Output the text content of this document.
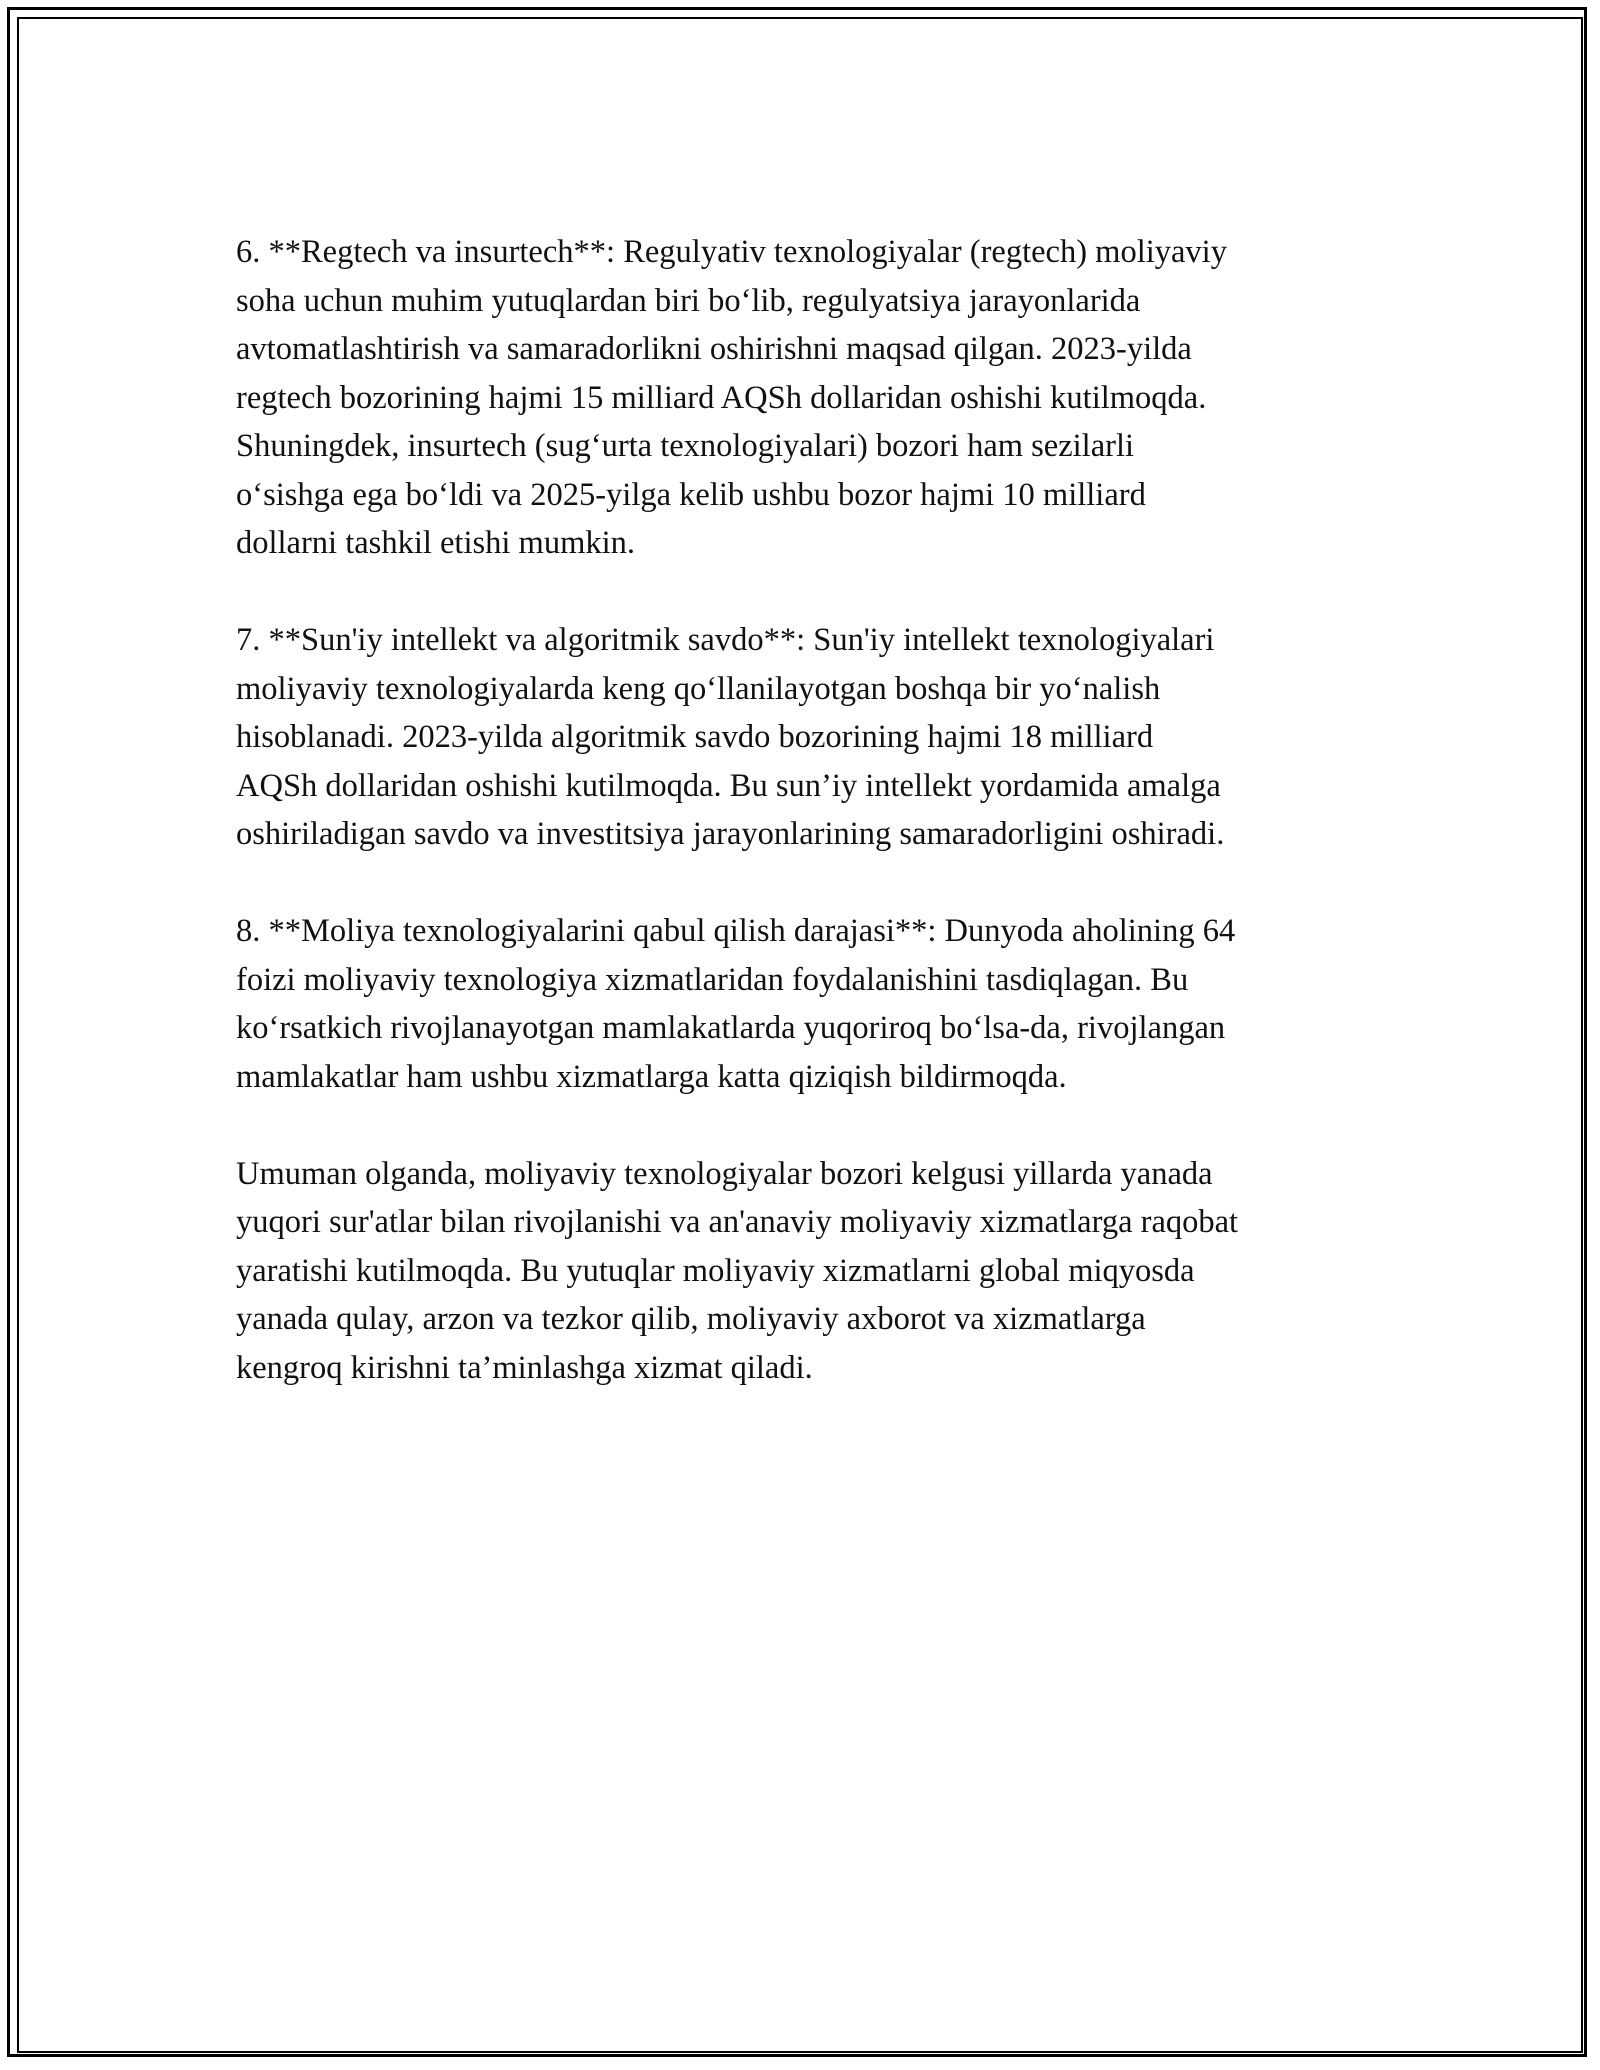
6. **Regtech va insurtech**: Regulyativ texnologiyalar (regtech) moliyaviy
soha uchun muhim yutuqlardan biri bo‘lib, regulyatsiya jarayonlarida
avtomatlashtirish va samaradorlikni oshirishni maqsad qilgan. 2023-yilda
regtech bozorining hajmi 15 milliard AQSh dollaridan oshishi kutilmoqda.
Shuningdek, insurtech (sug‘urta texnologiyalari) bozori ham sezilarli
o‘sishga ega bo‘ldi va 2025-yilga kelib ushbu bozor hajmi 10 milliard
dollarni tashkil etishi mumkin.

7. **Sun'iy intellekt va algoritmik savdo**: Sun'iy intellekt texnologiyalari
moliyaviy texnologiyalarda keng qo‘llanilayotgan boshqa bir yo‘nalish
hisoblanadi. 2023-yilda algoritmik savdo bozorining hajmi 18 milliard
AQSh dollaridan oshishi kutilmoqda. Bu sun’iy intellekt yordamida amalga
oshiriladigan savdo va investitsiya jarayonlarining samaradorligini oshiradi.

8. **Moliya texnologiyalarini qabul qilish darajasi**: Dunyoda aholining 64
foizi moliyaviy texnologiya xizmatlaridan foydalanishini tasdiqlagan. Bu
ko‘rsatkich rivojlanayotgan mamlakatlarda yuqoriroq bo‘lsa-da, rivojlangan
mamlakatlar ham ushbu xizmatlarga katta qiziqish bildirmoqda.

Umuman olganda, moliyaviy texnologiyalar bozori kelgusi yillarda yanada
yuqori sur'atlar bilan rivojlanishi va an'anaviy moliyaviy xizmatlarga raqobat
yaratishi kutilmoqda. Bu yutuqlar moliyaviy xizmatlarni global miqyosda
yanada qulay, arzon va tezkor qilib, moliyaviy axborot va xizmatlarga
kengroq kirishni ta’minlashga xizmat qiladi.
